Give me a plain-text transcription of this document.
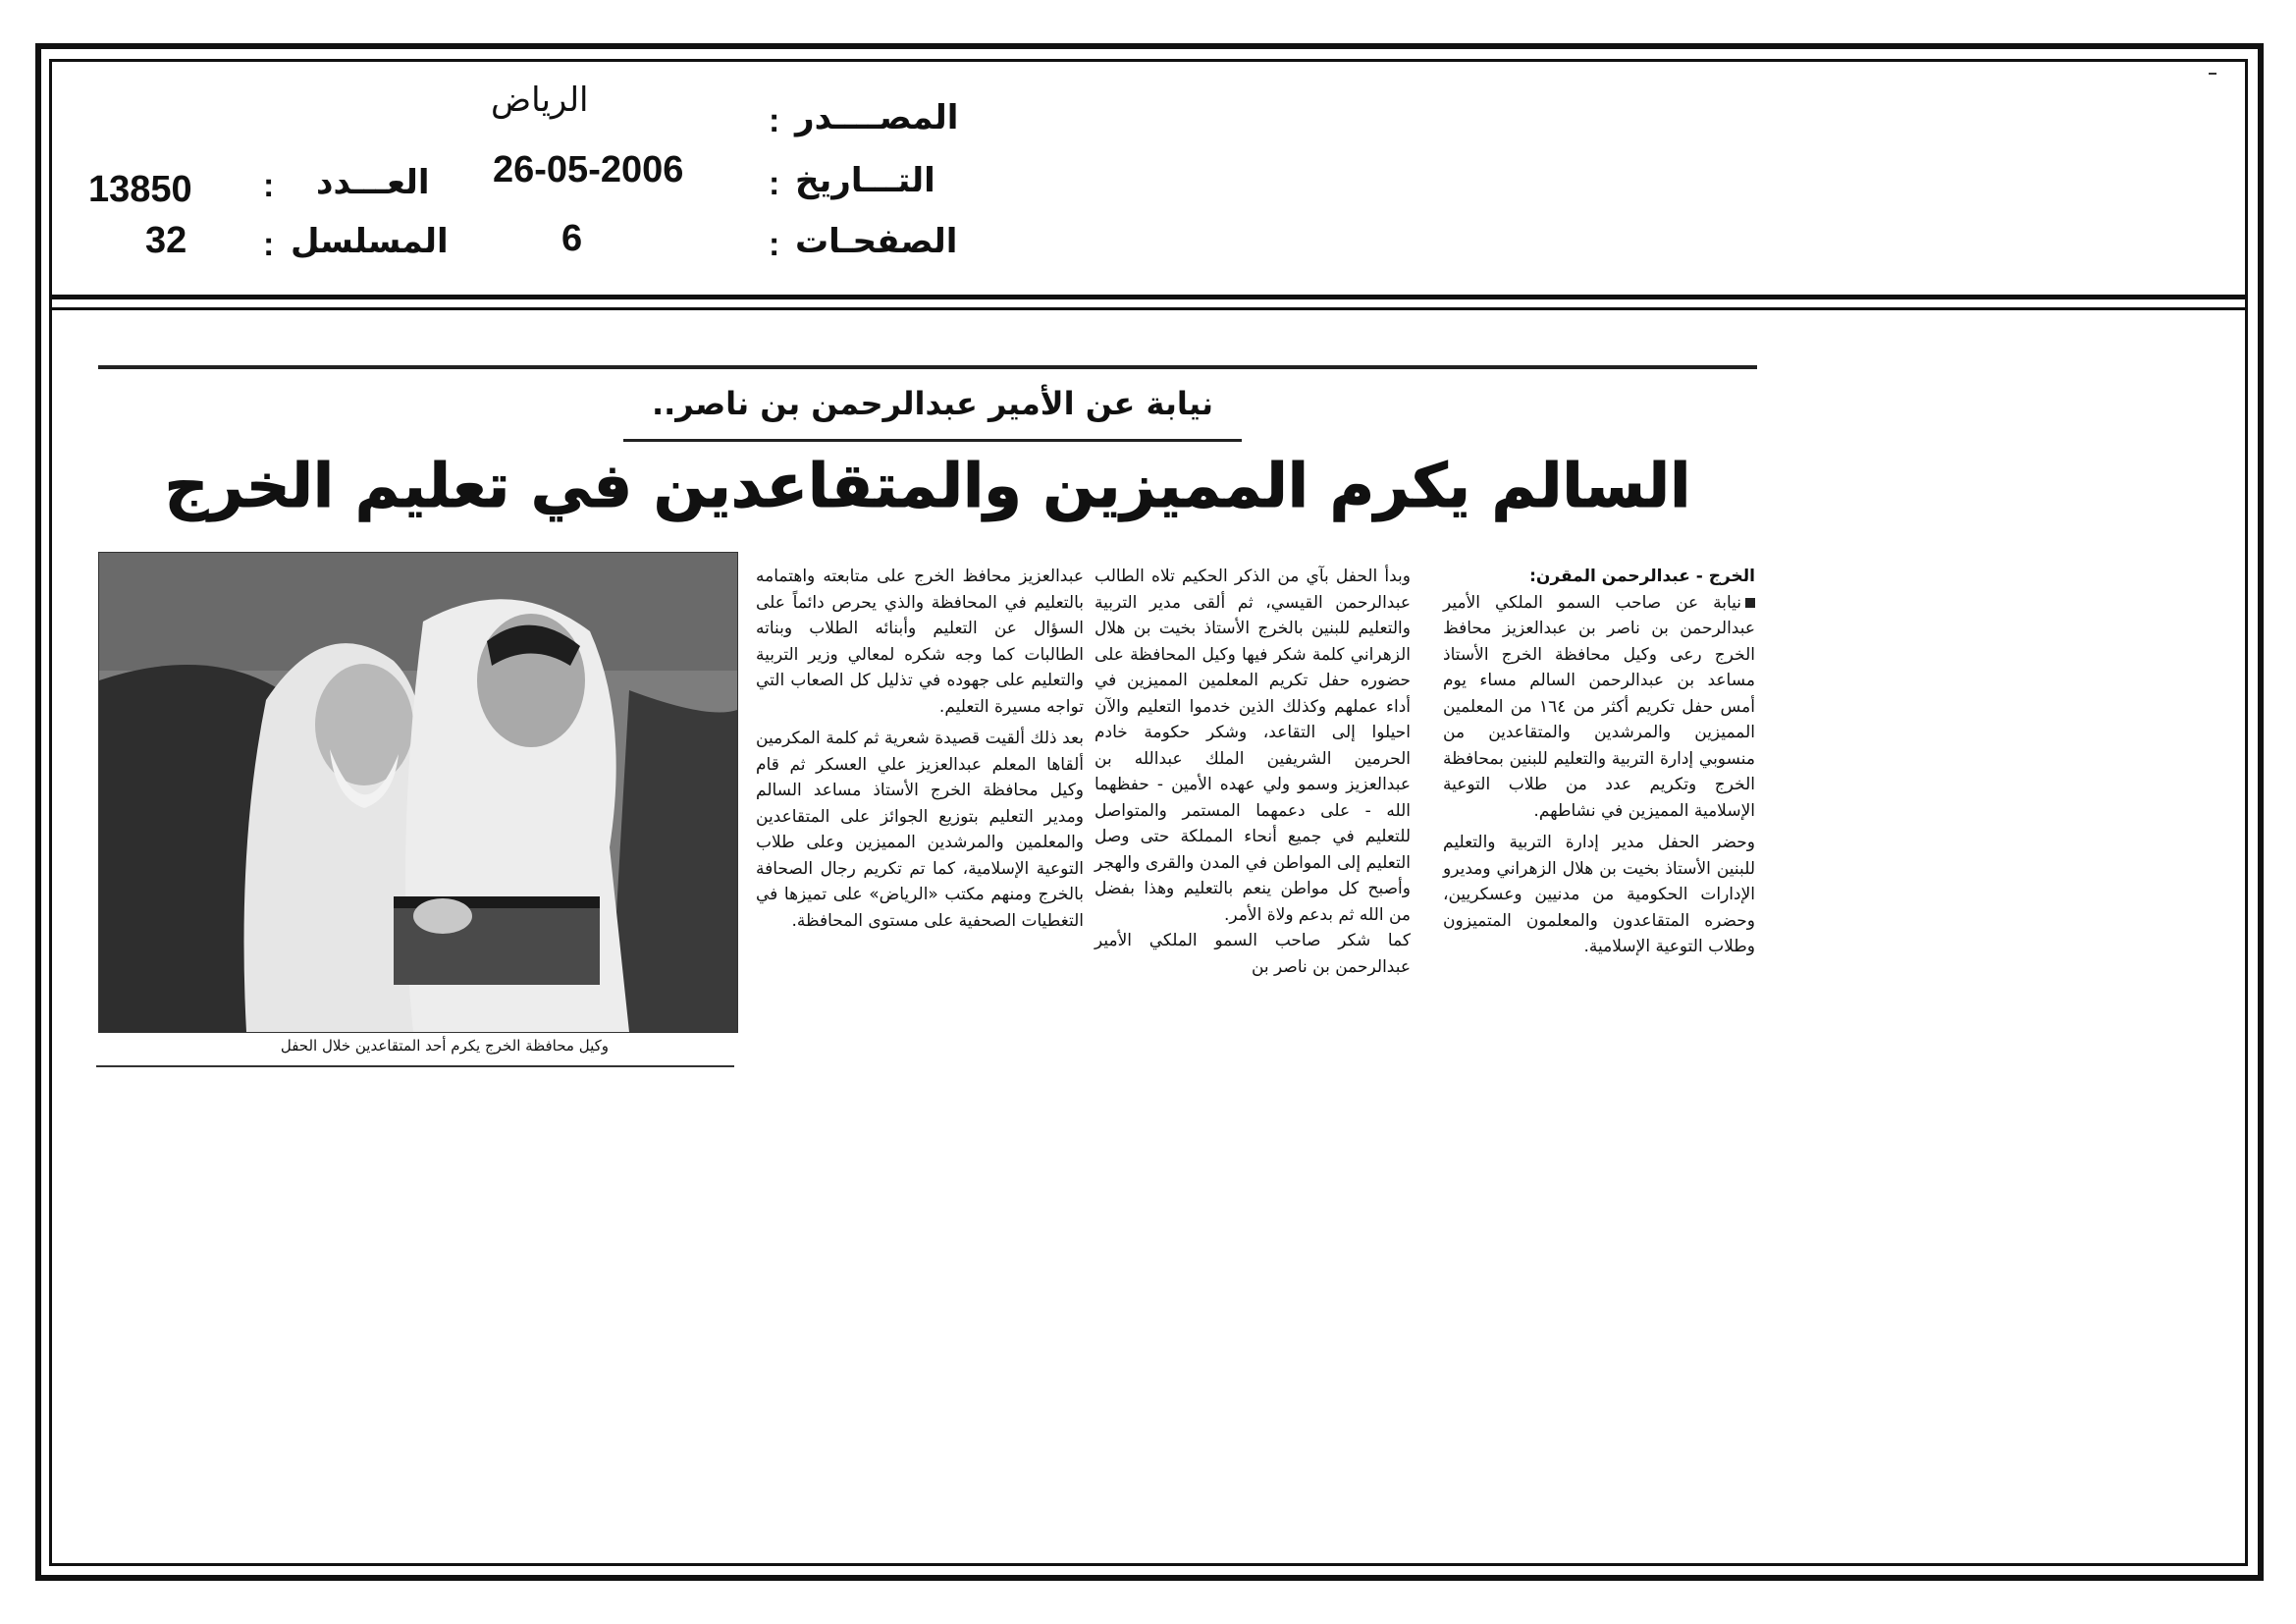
المصــــدر
:
الرياض
التـــاريخ
:
26-05-2006
الصفحـات
:
6
العـــدد
:
13850
المسلسل
:
32
نيابة عن الأمير عبدالرحمن بن ناصر..
السالم يكرم المميزين والمتقاعدين في تعليم الخرج

الخرج - عبدالرحمن المقرن:

نيابة عن صاحب السمو الملكي الأمير عبدالرحمن بن ناصر بن عبدالعزيز محافظ الخرج رعى وكيل محافظة الخرج الأستاذ مساعد بن عبدالرحمن السالم مساء يوم أمس حفل تكريم أكثر من ١٦٤ من المعلمين المميزين والمرشدين والمتقاعدين من منسوبي إدارة التربية والتعليم للبنين بمحافظة الخرج وتكريم عدد من طلاب التوعية الإسلامية المميزين في نشاطهم.

وحضر الحفل مدير إدارة التربية والتعليم للبنين الأستاذ بخيت بن هلال الزهراني ومديرو الإدارات الحكومية من مدنيين وعسكريين، وحضره المتقاعدون والمعلمون المتميزون وطلاب التوعية الإسلامية.

وبدأ الحفل بآي من الذكر الحكيم تلاه الطالب عبدالرحمن القيسي، ثم ألقى مدير التربية والتعليم للبنين بالخرج الأستاذ بخيت بن هلال الزهراني كلمة شكر فيها وكيل المحافظة على حضوره حفل تكريم المعلمين المميزين في أداء عملهم وكذلك الذين خدموا التعليم والآن احيلوا إلى التقاعد، وشكر حكومة خادم الحرمين الشريفين الملك عبدالله بن عبدالعزيز وسمو ولي عهده الأمين - حفظهما الله - على دعمهما المستمر والمتواصل للتعليم في جميع أنحاء المملكة حتى وصل التعليم إلى المواطن في المدن والقرى والهجر وأصبح كل مواطن ينعم بالتعليم وهذا بفضل من الله ثم بدعم ولاة الأمر.

كما شكر صاحب السمو الملكي الأمير عبدالرحمن بن ناصر بن

عبدالعزيز محافظ الخرج على متابعته واهتمامه بالتعليم في المحافظة والذي يحرص دائماً على السؤال عن التعليم وأبنائه الطلاب وبناته الطالبات كما وجه شكره لمعالي وزير التربية والتعليم على جهوده في تذليل كل الصعاب التي تواجه مسيرة التعليم.

بعد ذلك ألقيت قصيدة شعرية ثم كلمة المكرمين ألقاها المعلم عبدالعزيز علي العسكر ثم قام وكيل محافظة الخرج الأستاذ مساعد السالم ومدير التعليم بتوزيع الجوائز على المتقاعدين والمعلمين والمرشدين المميزين وعلى طلاب التوعية الإسلامية، كما تم تكريم رجال الصحافة بالخرج ومنهم مكتب «الرياض» على تميزها في التغطيات الصحفية على مستوى المحافظة.

وكيل محافظة الخرج يكرم أحد المتقاعدين خلال الحفل
